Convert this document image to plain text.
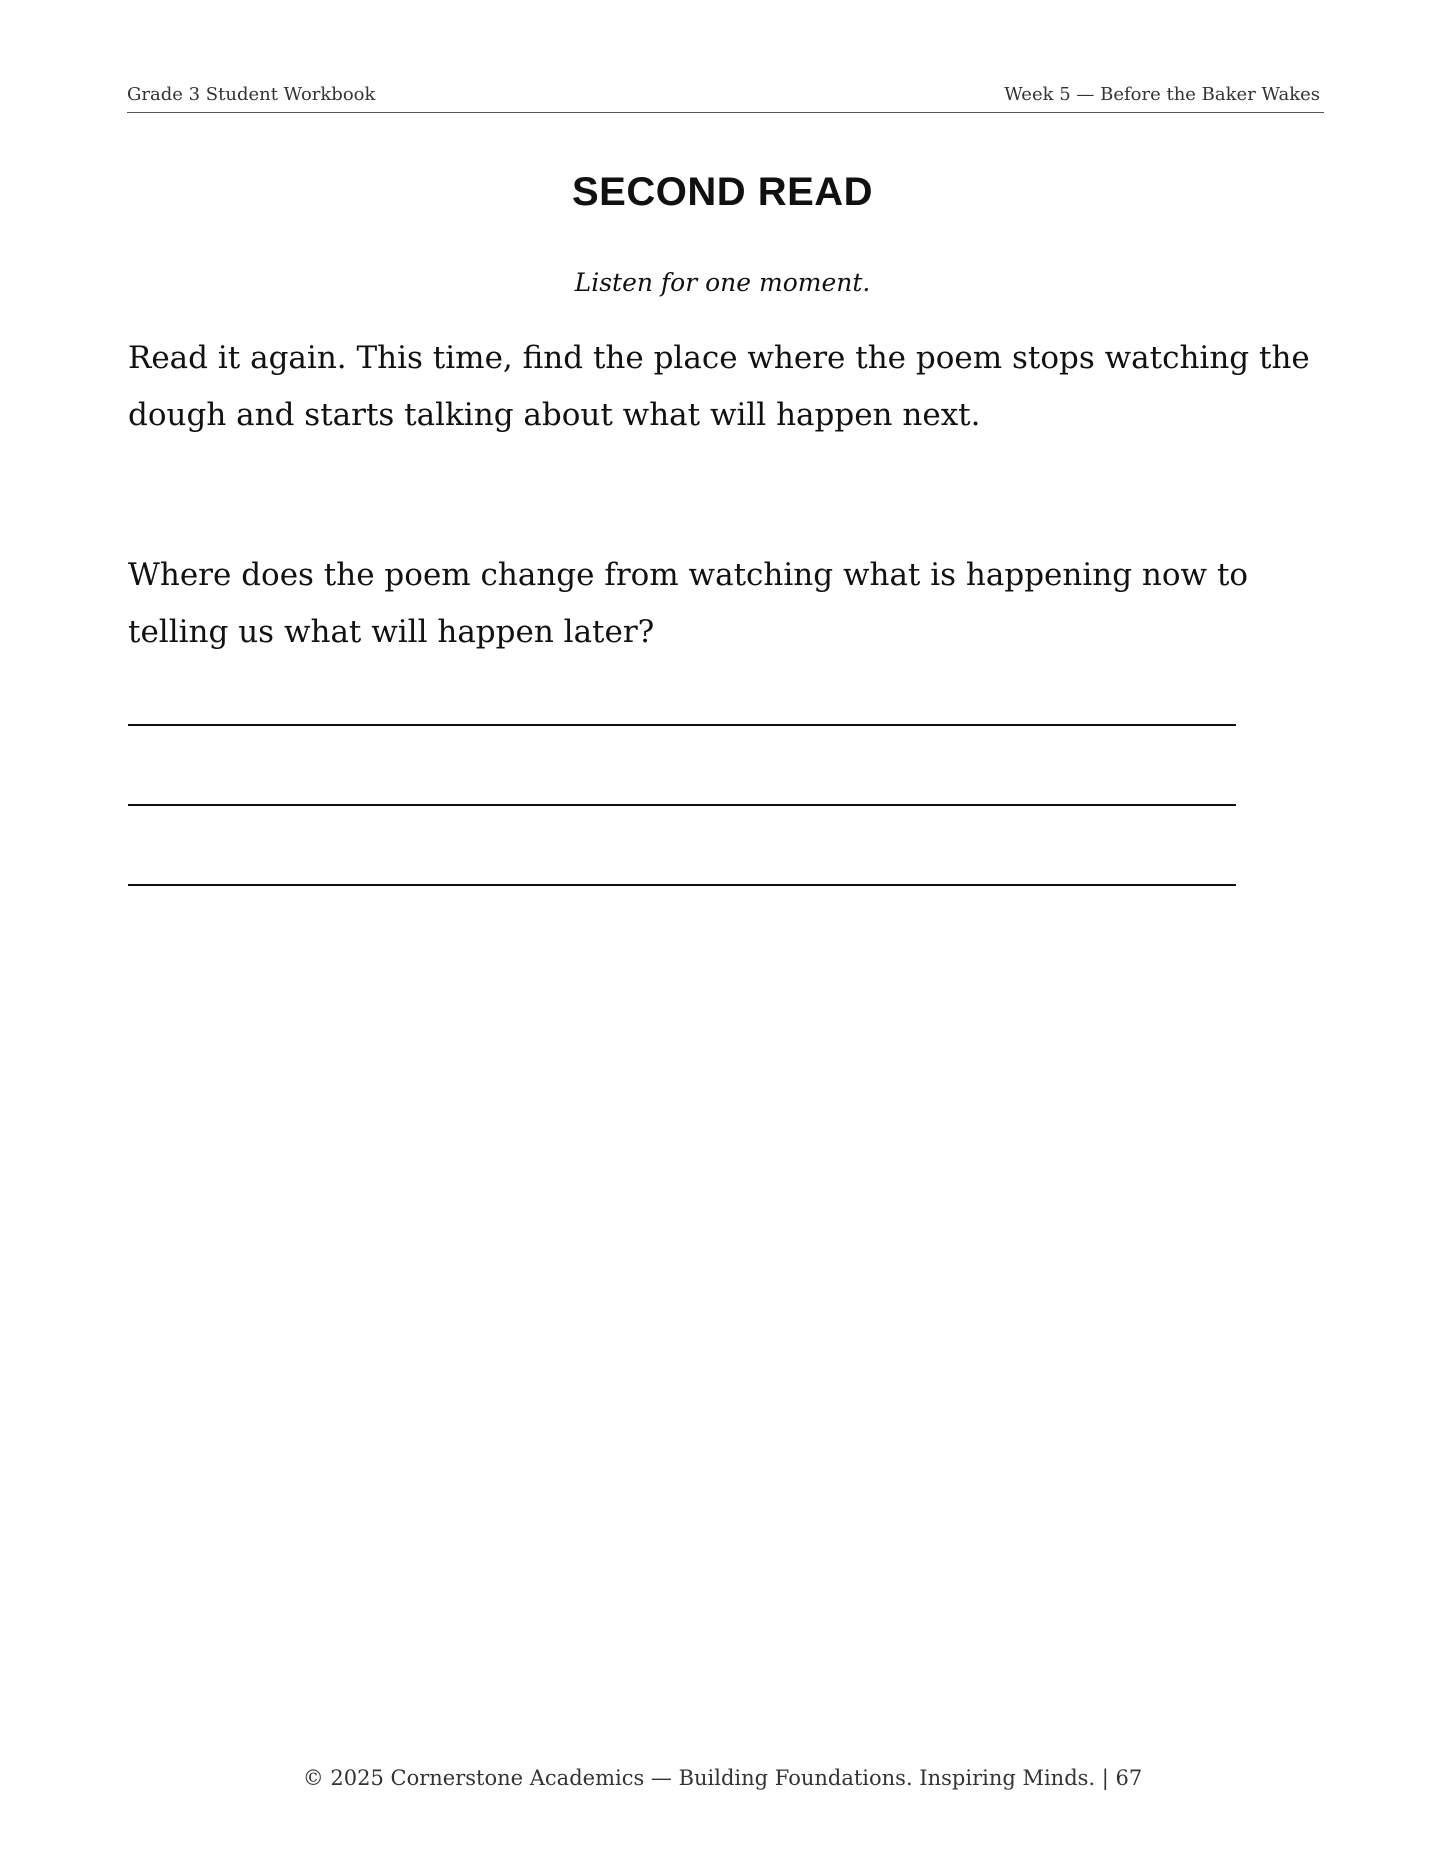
Grade 3 Student Workbook	Week 5 — Before the Baker Wakes
SECOND READ
Listen for one moment.

Read it again. This time, find the place where the poem stops watching the dough and starts talking about what will happen next.

Where does the poem change from watching what is happening now to telling us what will happen later?

© 2025 Cornerstone Academics — Building Foundations. Inspiring Minds. | 67
